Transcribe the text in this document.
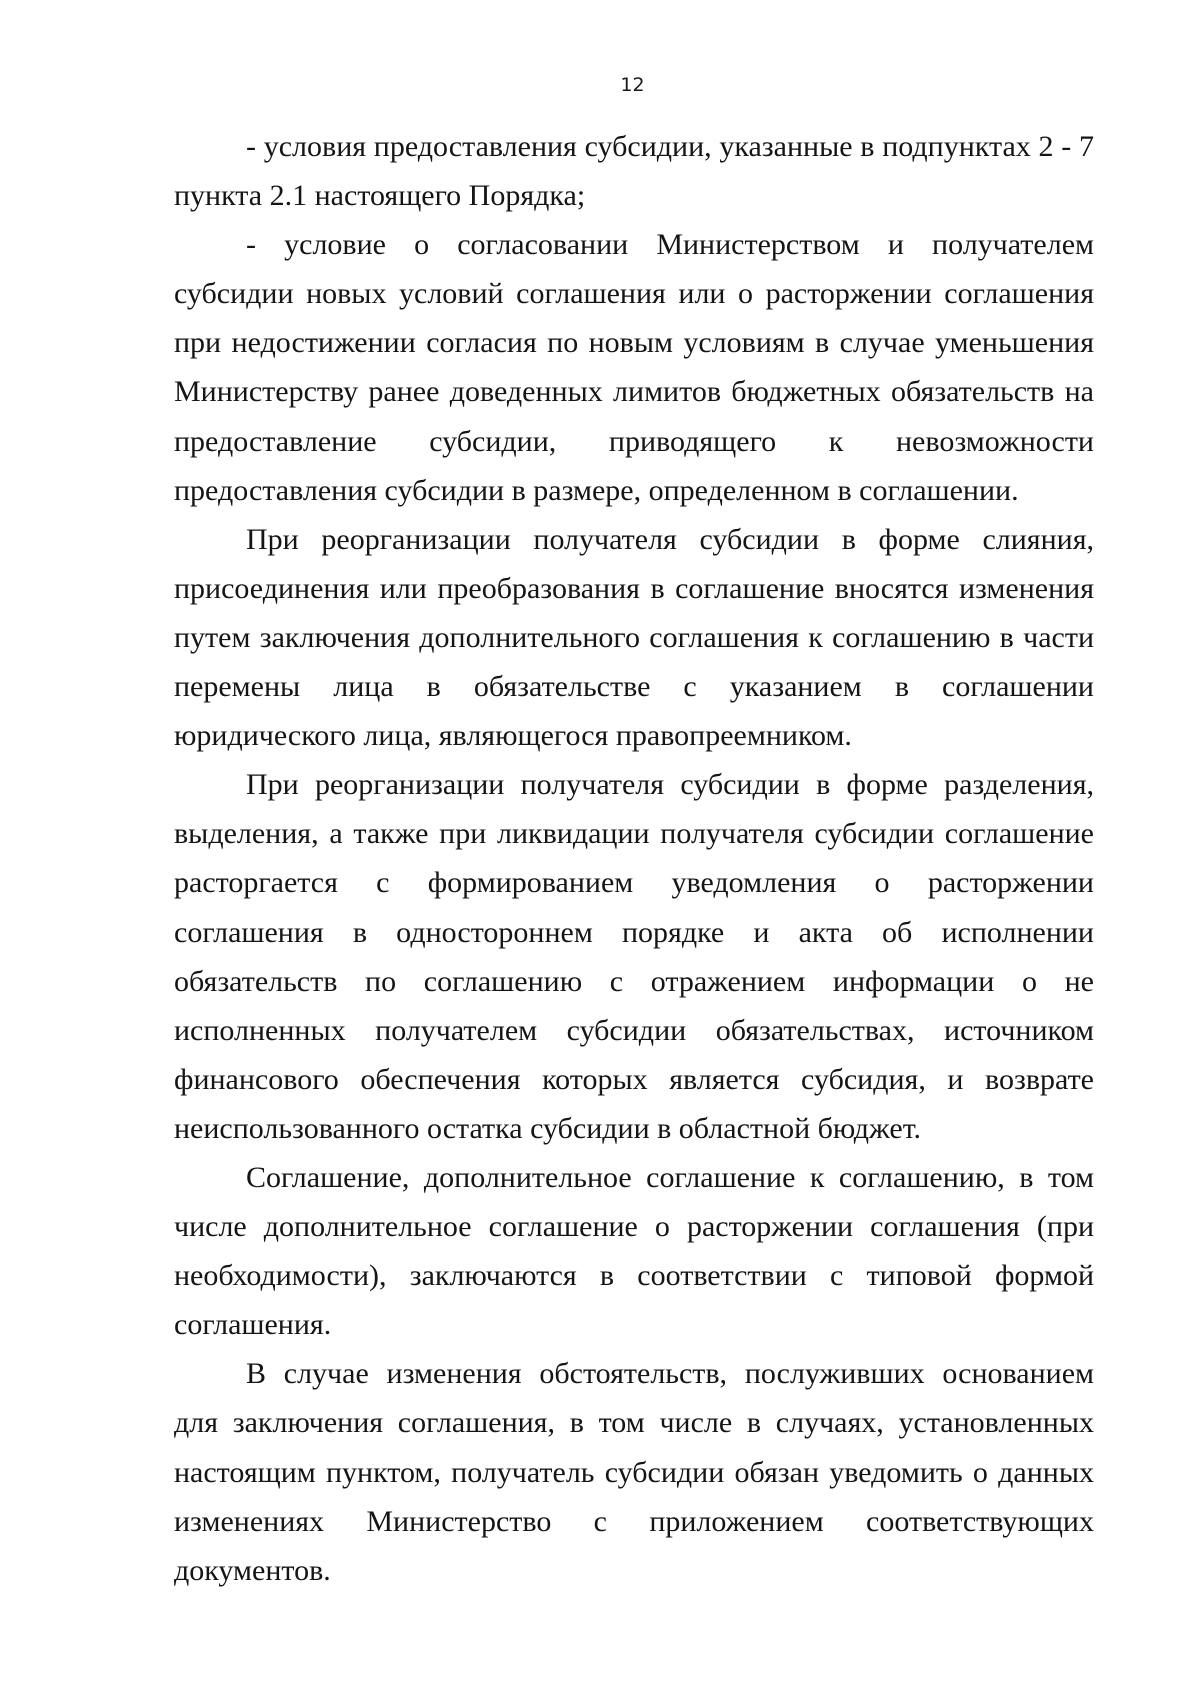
12

- условия предоставления субсидии, указанные в подпунктах 2 - 7 пункта 2.1 настоящего Порядка;

- условие о согласовании Министерством и получателем субсидии новых условий соглашения или о расторжении соглашения при недостижении согласия по новым условиям в случае уменьшения Министерству ранее доведенных лимитов бюджетных обязательств на предоставление субсидии, приводящего к невозможности предоставления субсидии в размере, определенном в соглашении.

При реорганизации получателя субсидии в форме слияния, присоединения или преобразования в соглашение вносятся изменения путем заключения дополнительного соглашения к соглашению в части перемены лица в обязательстве с указанием в соглашении юридического лица, являющегося правопреемником.

При реорганизации получателя субсидии в форме разделения, выделения, а также при ликвидации получателя субсидии соглашение расторгается с формированием уведомления о расторжении соглашения в одностороннем порядке и акта об исполнении обязательств по соглашению с отражением информации о не исполненных получателем субсидии обязательствах, источником финансового обеспечения которых является субсидия, и возврате неиспользованного остатка субсидии в областной бюджет.

Соглашение, дополнительное соглашение к соглашению, в том числе дополнительное соглашение о расторжении соглашения (при необходимости), заключаются в соответствии с типовой формой соглашения.

В случае изменения обстоятельств, послуживших основанием для заключения соглашения, в том числе в случаях, установленных настоящим пунктом, получатель субсидии обязан уведомить о данных изменениях Министерство с приложением соответствующих документов.
